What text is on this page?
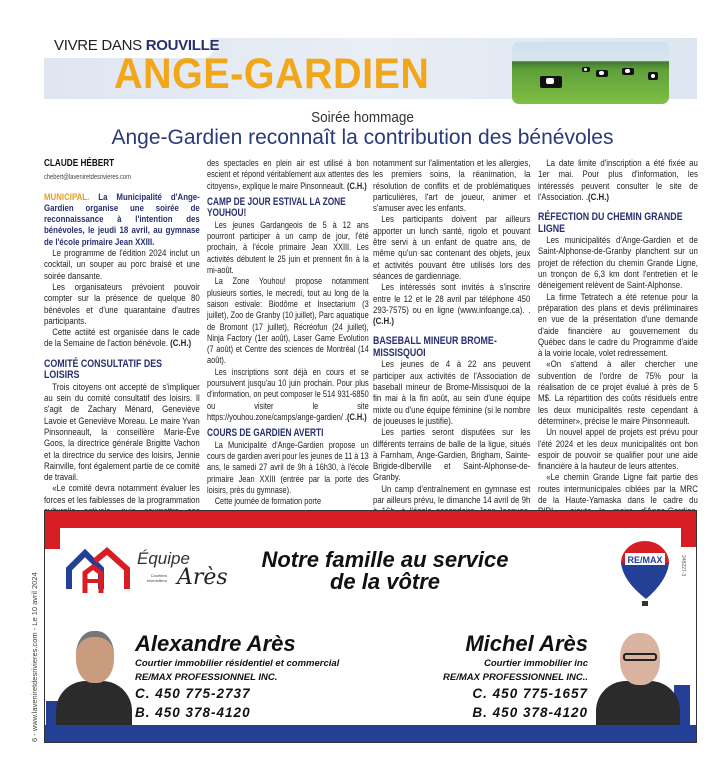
VIVRE DANS ROUVILLE
ANGE-GARDIEN
Soirée hommage
Ange-Gardien reconnaît la contribution des bénévoles
CLAUDE HÉBERT
chebert@laveniretdesrivieres.com

MUNICIPAL. La Municipalité d'Ange-Gardien organise une soirée de reconnaissance à l'intention des bénévoles, le jeudi 18 avril, au gymnase de l'école primaire Jean XXIII.

Le programme de l'édition 2024 inclut un cocktail, un souper au porc braisé et une soirée dansante.

Les organisateurs prévoient pouvoir compter sur la présence de quelque 80 bénévoles et d'une quarantaine d'autres participants.

Cette actiité est organisée dans le cade de la Semaine de l'action bénévole. (C.H.)

COMITÉ CONSULTATIF DES LOISIRS

Trois citoyens ont accepté de s'impliquer au sein du comité consultatif des loisirs. Il s'agit de Zachary Ménard, Geneviève Lavoie et Geneviève Moreau. Le maire Yvan Pinsonneault, la conseillère Marie-Ève Goos, la directrice générale Brigitte Vachon et la directrice du service des loisirs, Jennie Rainville, font également partie de ce comité de travail.

«Le comité devra notamment évaluer les forces et les faiblesses de la programmation

des spectacles en plein air est utilisé à bon escient et répond véritablement aux attentes des citoyens», explique le maire Pinsonneault. (C.H.)

CAMP DE JOUR ESTIVAL LA ZONE YOUHOU!

Les jeunes Gardangeois de 5 à 12 ans pourront participer à un camp de jour, l'été prochain, à l'école primaire Jean XXIII. Les activités débutent le 25 juin et prennent fin à la mi-août.

La Zone Youhou! propose notamment plusieurs sorties, le mecredi, tout au long de la saison estivale: Biodôme et Insectarium (3 juillet), Zoo de Granby (10 juillet), Parc aquatique de Bromont (17 juillet), Récréofun (24 juillet), Ninja Factory (1er août), Laser Game Evolution (7 août) et Centre des sciences de Montréal (14 août).

Les inscriptions sont déjà en cours et se poursuivent jusqu'au 10 juin prochain. Pour plus d'information, on peut composer le 514 931-6850 ou visiter le site https://youhou.zone/camps/ange-gardien/ .(C.H.)

COURS DE GARDIEN AVERTI

La Municipalité d'Ange-Gardien propose un cours de gardien averi pour les jeunes de 11 à 13 ans, le samedi 27 avril de 9h à 16h30, à l'école primaire Jean XXIII (entrée par la porte des loisirs, près du gymnase).

Cette journée de formation porte

notamment sur l'alimentation et les allergies, les premiers soins, la réanimation, la résolution de conflits et de problématiques particulières, l'art de joueur, animer et s'amuser avec les enfants.

Les participants doivent par ailleurs apporter un lunch santé, rigolo et pouvant être servi à un enfant de quatre ans, de même qu'un sac contenant des objets, jeux et activités pouvant être utilisés lors des séances de gardiennage.

Les intéressés sont invités à s'inscrire entre le 12 et le 28 avril par téléphone 450 293-7575) ou en ligne (www.infoange.ca). .(C.H.)

BASEBALL MINEUR BROME-MISSISQUOI

Les jeunes de 4 à 22 ans peuvent participer aux activités de l'Association de baseball mineur de Brome-Missisquoi de la fin mai à la fin août, au sein d'une équipe mixte ou d'une équipe féminine (si le nombre de joueuses le justifie).

Les parties seront disputées sur les différents terrains de balle de la ligue, situés à Farnham, Ange-Gardien, Brigham, Sainte-Brigide-dIberville et Saint-Alphonse-de-Granby.

Un camp d'entraînement en gymnase est par ailleurs prévu, le dimanche 14 avril de 9h

La date limite d'inscription a été fixée au 1er mai. Pour plus d'information, les intéressés peuvent consulter le site de l'Association. .(C.H.)

RÉFECTION DU CHEMIN GRANDE LIGNE

Les municipalités d'Ange-Gardien et de Saint-Alphonse-de-Granby planchent sur un projet de réfection du chemin Grande Ligne, un tronçon de 6,3 km dont l'entretien et le déneigement relèvent de Saint-Alphonse.

La firme Tetratech a été retenue pour la préparation des plans et devis préliminaires en vue de la présentation d'une demande d'aide financière au gouvernement du Québec dans le cadre du Programme d'aide à la voirie locale, volet redressement.

«On s'attend à aller chercher une subvention de l'ordre de 75% pour la réalisation de ce projet évalué à près de 5 M$. La répartition des coûts résiduels entre les deux municipalités reste cependant à déterminer», précise le maire Pinsonneault.

Un nouvel appel de projets est prévu pour l'été 2024 et les deux municipalités ont bon espoir de pouvoir se qualifier pour une aide financière à la hauteur de leurs attentes.

«Le chemin Grande Ligne fait partie des routes intermunicipales ciblées par la MRC de la Haute-Yamaska dans le cadre du

Équipe
Courtiers immobiliers Arès
Notre famille au service
de la vôtre
RE/MAX
Alexandre Arès
Courtier immobilier résidentiel et commercial
RE/MAX PROFESSIONNEL INC.
C. 450 775-2737
B. 450 378-4120
Michel Arès
Courtier immobilier inc
RE/MAX PROFESSIONNEL INC..
C. 450 775-1657
B. 450 378-4120
248227-3
6 - www.laveniretdesrivieres.com - Le 10 avril 2024
